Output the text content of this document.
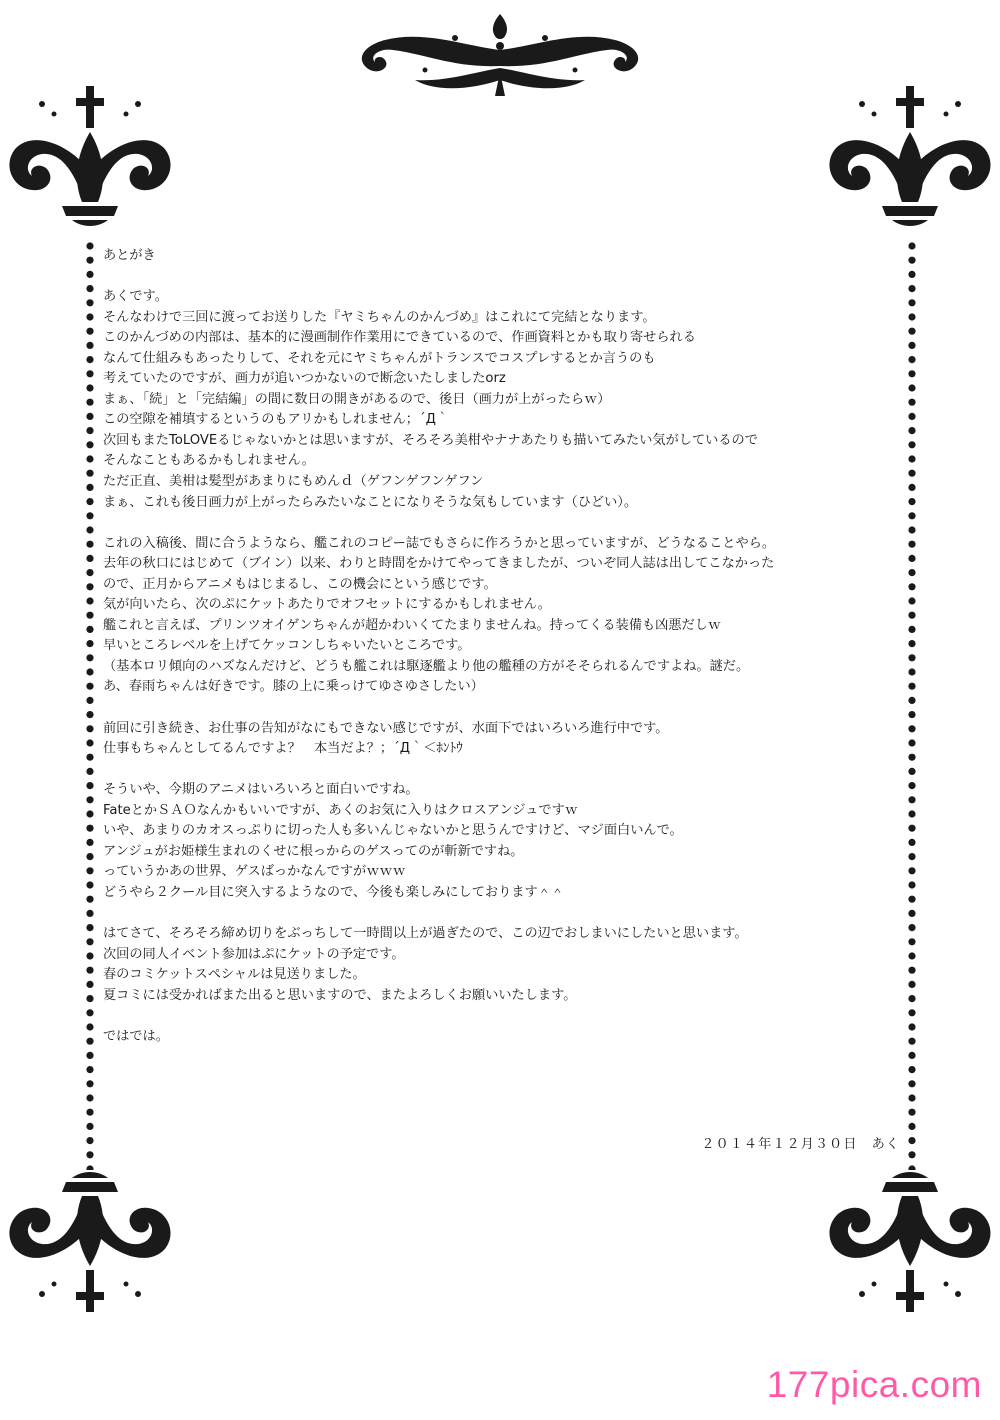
あとがき
あくです。
そんなわけで三回に渡ってお送りした『ヤミちゃんのかんづめ』はこれにて完結となります。
このかんづめの内部は、基本的に漫画制作作業用にできているので、作画資料とかも取り寄せられる
なんて仕組みもあったりして、それを元にヤミちゃんがトランスでコスプレするとか言うのも
考えていたのですが、画力が追いつかないので断念いたしましたorz
まぁ、「続」と「完結編」の間に数日の開きがあるので、後日（画力が上がったらｗ）
この空隙を補填するというのもアリかもしれません；´Д｀
次回もまたToLOVEるじゃないかとは思いますが、そろそろ美柑やナナあたりも描いてみたい気がしているので
そんなこともあるかもしれません。
ただ正直、美柑は髪型があまりにもめんｄ（ゲフンゲフンゲフン
まぁ、これも後日画力が上がったらみたいなことになりそうな気もしています（ひどい）。
これの入稿後、間に合うようなら、艦これのコピー誌でもさらに作ろうかと思っていますが、どうなることやら。
去年の秋口にはじめて（ブイン）以来、わりと時間をかけてやってきましたが、ついぞ同人誌は出してこなかった
ので、正月からアニメもはじまるし、この機会にという感じです。
気が向いたら、次のぷにケットあたりでオフセットにするかもしれません。
艦これと言えば、プリンツオイゲンちゃんが超かわいくてたまりませんね。持ってくる装備も凶悪だしｗ
早いところレベルを上げてケッコンしちゃいたいところです。
（基本ロリ傾向のハズなんだけど、どうも艦これは駆逐艦より他の艦種の方がそそられるんですよね。謎だ。
あ、春雨ちゃんは好きです。膝の上に乗っけてゆさゆさしたい）
前回に引き続き、お仕事の告知がなにもできない感じですが、水面下ではいろいろ進行中です。
仕事もちゃんとしてるんですよ？　本当だよ？；´Д｀＜ﾎﾝﾄｳ
そういや、今期のアニメはいろいろと面白いですね。
FateとかＳＡＯなんかもいいですが、あくのお気に入りはクロスアンジュですｗ
いや、あまりのカオスっぷりに切った人も多いんじゃないかと思うんですけど、マジ面白いんで。
アンジュがお姫様生まれのくせに根っからのゲスってのが斬新ですね。
っていうかあの世界、ゲスばっかなんですがｗｗｗ
どうやら２クール目に突入するようなので、今後も楽しみにしております＾＾
はてさて、そろそろ締め切りをぶっちして一時間以上が過ぎたので、この辺でおしまいにしたいと思います。
次回の同人イベント参加はぷにケットの予定です。
春のコミケットスペシャルは見送りました。
夏コミには受かればまた出ると思いますので、またよろしくお願いいたします。
ではでは。
２０１４年１２月３０日　あく
177pica.com
